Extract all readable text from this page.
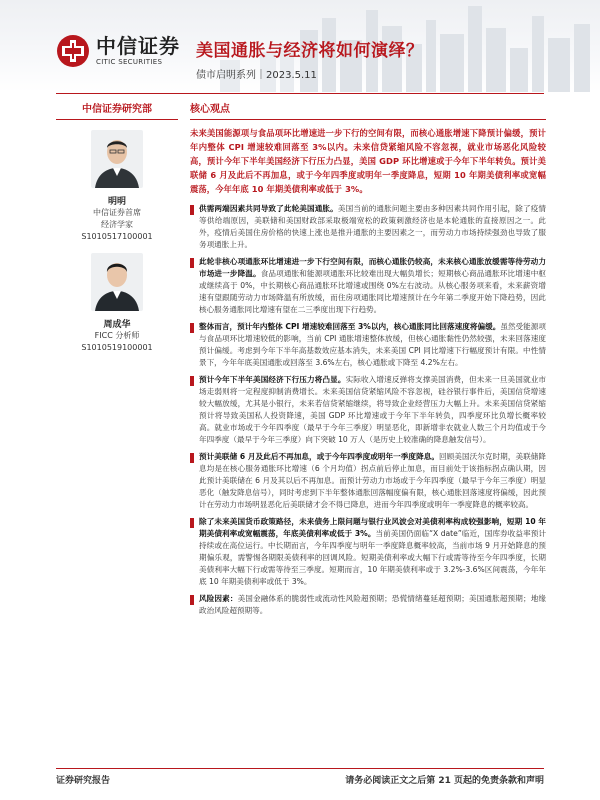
中信证券
CITIC SECURITIES
美国通胀与经济将如何演绎？
债市启明系列｜2023.5.11
中信证券研究部
明明
中信证券首席
经济学家
S1010517100001
周成华
FICC 分析师
S1010519100001
核心观点
未来美国能源项与食品项环比增速进一步下行的空间有限，而核心通胀增速下降预计偏缓，预计年内整体 CPI 增速较难回落至 3%以内。未来信贷紧缩风险不容忽视，就业市场恶化风险较高，预计今年下半年美国经济下行压力凸显，美国 GDP 环比增速或于今年下半年转负。预计美联储 6 月及此后不再加息，或于今年四季度或明年一季度降息，短期 10 年期美债利率或宽幅震荡，今年年底 10 年期美债利率或低于 3%。
供需两端因素共同导致了此轮美国通胀。美国当前的通胀问题主要由多种因素共同作用引起，除了疫情等供给端原因，美联储和美国财政部采取极端宽松的政策刺激经济也是本轮通胀的直接原因之一。此外，疫情后美国住房价格的快速上涨也是推升通胀的主要因素之一，而劳动力市场持续强劲也导致了服务项通胀上升。
此轮非核心项通胀环比增速进一步下行空间有限，而核心通胀仍较高，未来核心通胀放缓需等待劳动力市场进一步降温。食品项通胀和能源项通胀环比较难出现大幅负增长；短期核心商品通胀环比增速中枢或继续高于 0%，中长期核心商品通胀环比增速或围绕 0%左右波动。从核心服务项来看，未来薪资增速有望跟随劳动力市场降温有所放缓，而住房项通胀同比增速预计在今年第二季度开始下降趋势，因此核心服务通胀同比增速有望在二三季度出现下行趋势。
整体而言，预计年内整体 CPI 增速较难回落至 3%以内，核心通胀同比回落速度将偏缓。虽然受能源项与食品项环比增速较低的影响，当前 CPI 通胀增速整体放缓，但核心通胀黏性仍然较强，未来回落速度预计偏缓。考虑到今年下半年高基数效应基本消失，未来美国 CPI 同比增速下行幅度预计有限。中性情景下，今年年底美国通胀或回落至 3.6%左右，核心通胀或下降至 4.2%左右。
预计今年下半年美国经济下行压力将凸显。实际收入增速反弹将支撑美国消费，但未来一旦美国就业市场走弱则将一定程度抑制消费增长。未来美国信贷紧缩风险不容忽视，硅谷银行事件后，美国信贷增速较大幅放缓，尤其是小银行，未来若信贷紧缩继续，将导致企业经营压力大幅上升。未来美国信贷紧缩预计将导致美国私人投资降速，美国 GDP 环比增速或于今年下半年转负，四季度环比负增长概率较高。就业市场或于今年四季度（最早于今年三季度）明显恶化，即新增非农就业人数三个月均值或于今年四季度（最早于今年三季度）向下突破 10 万人（是历史上较准确的降息触发信号）。
预计美联储 6 月及此后不再加息，或于今年四季度或明年一季度降息。回顾美国沃尔克时期，美联储降息均是在核心服务通胀环比增速（6 个月均值）拐点前后停止加息，而目前处于该指标拐点确认期，因此预计美联储在 6 月及其以后不再加息。而预计劳动力市场或于今年四季度（最早于今年三季度）明显恶化（触发降息信号），同时考虑到下半年整体通胀回落幅度偏有限，核心通胀回落速度将偏缓，因此预计在劳动力市场明显恶化后美联储才会不得已降息，进而今年四季度或明年一季度降息的概率较高。
除了未来美国货币政策路径，未来债务上限问题与银行业风波会对美债利率构成较强影响，短期 10 年期美债利率或宽幅震荡，年底美债利率或低于 3%。当前美国仍面临“X date”临近，国库券收益率预计持续或在高位运行。中长期而言，今年四季度与明年一季度降息概率较高，当前市场 9 月开始降息的预期偏乐观，需警惕各期限美债利率的回调风险。短期美债利率或大幅下行或需等待至今年四季度，长期美债利率大幅下行或需等待至三季度。短期而言，10 年期美债利率或于 3.2%-3.6%区间震荡，今年年底 10 年期美债利率或低于 3%。
风险因素：美国金融体系的脆弱性或流动性风险超预期；恐慌情绪蔓延超预期；美国通胀超预期；地缘政治风险超预期等。
证券研究报告	请务必阅读正文之后第 21 页起的免责条款和声明
